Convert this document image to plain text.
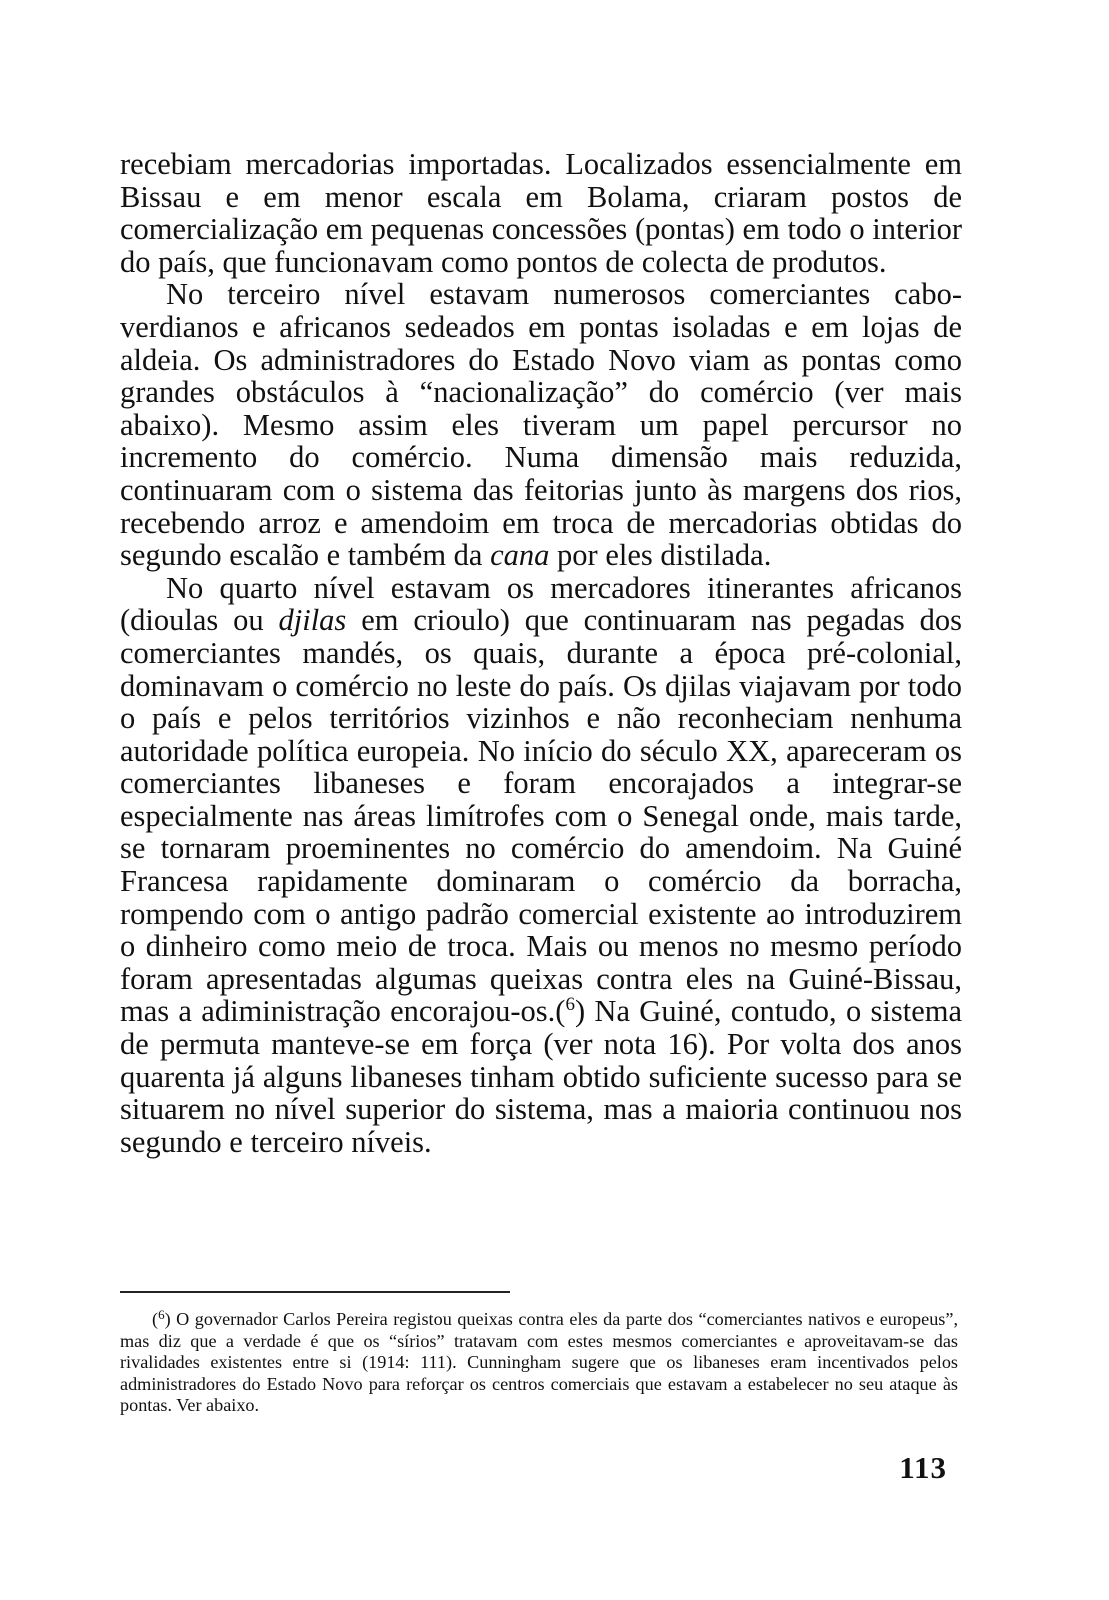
recebiam mercadorias importadas. Localizados essencialmente em Bissau e em menor escala em Bolama, criaram postos de comercialização em pequenas concessões (pontas) em todo o interior do país, que funcionavam como pontos de colecta de produtos.

No terceiro nível estavam numerosos comerciantes cabo-verdianos e africanos sedeados em pontas isoladas e em lojas de aldeia. Os administradores do Estado Novo viam as pontas como grandes obstáculos à “nacionalização” do comércio (ver mais abaixo). Mesmo assim eles tiveram um papel percursor no incremento do comércio. Numa dimensão mais reduzida, continuaram com o sistema das feitorias junto às margens dos rios, recebendo arroz e amendoim em troca de mercadorias obtidas do segundo escalão e também da cana por eles distilada.

No quarto nível estavam os mercadores itinerantes africanos (dioulas ou djilas em crioulo) que continuaram nas pegadas dos comerciantes mandés, os quais, durante a época pré-colonial, dominavam o comércio no leste do país. Os djilas viajavam por todo o país e pelos territórios vizinhos e não reconheciam nenhuma autoridade política europeia. No início do século XX, apareceram os comerciantes libaneses e foram encorajados a integrar-se especialmente nas áreas limítrofes com o Senegal onde, mais tarde, se tornaram proeminentes no comércio do amendoim. Na Guiné Francesa rapidamente dominaram o comércio da borracha, rompendo com o antigo padrão comercial existente ao introduzirem o dinheiro como meio de troca. Mais ou menos no mesmo período foram apresentadas algumas queixas contra eles na Guiné-Bissau, mas a adiministração encorajou-os.($^6$) Na Guiné, contudo, o sistema de permuta manteve-se em força (ver nota 16). Por volta dos anos quarenta já alguns libaneses tinham obtido suficiente sucesso para se situarem no nível superior do sistema, mas a maioria continuou nos segundo e terceiro níveis.

($^6$) O governador Carlos Pereira registou queixas contra eles da parte dos “comerciantes nativos e europeus”, mas diz que a verdade é que os “sírios” tratavam com estes mesmos comerciantes e aproveitavam-se das rivalidades existentes entre si (1914: 111). Cunningham sugere que os libaneses eram incentivados pelos administradores do Estado Novo para reforçar os centros comerciais que estavam a estabelecer no seu ataque às pontas. Ver abaixo.

113
